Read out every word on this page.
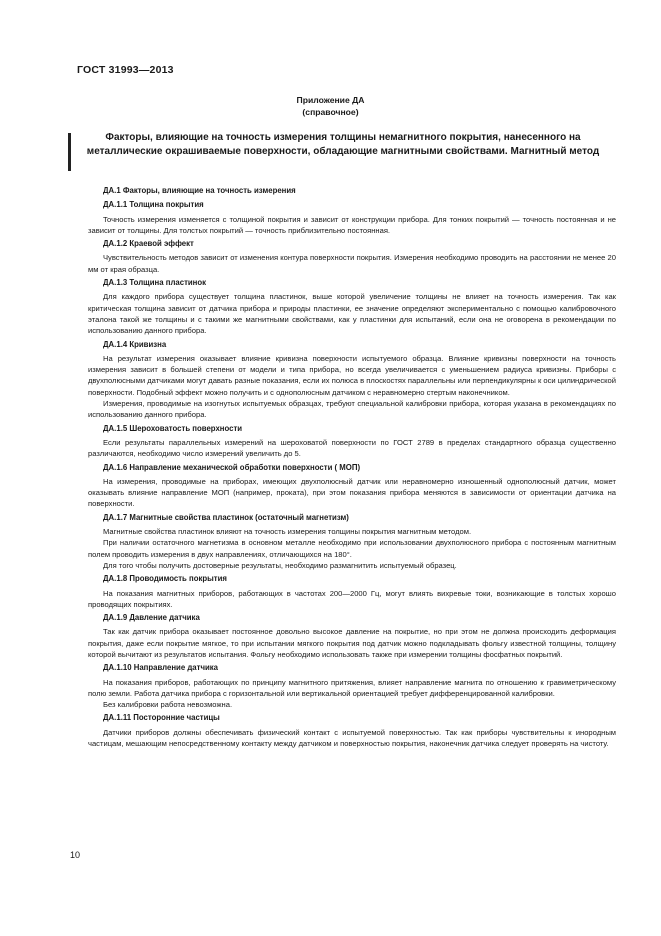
ГОСТ 31993—2013
Приложение ДА
(справочное)
Факторы, влияющие на точность измерения толщины немагнитного покрытия, нанесенного на металлические окрашиваемые поверхности, обладающие магнитными свойствами. Магнитный метод
ДА.1 Факторы, влияющие на точность измерения
ДА.1.1 Толщина покрытия

Точность измерения изменяется с толщиной покрытия и зависит от конструкции прибора. Для тонких покрытий — точность постоянная и не зависит от толщины. Для толстых покрытий — точность приблизительно постоянная.

ДА.1.2 Краевой эффект

Чувствительность методов зависит от изменения контура поверхности покрытия. Измерения необходимо проводить на расстоянии не менее 20 мм от края образца.

ДА.1.3 Толщина пластинок

Для каждого прибора существует толщина пластинок, выше которой увеличение толщины не влияет на точность измерения. Так как критическая толщина зависит от датчика прибора и природы пластинки, ее значение определяют экспериментально с помощью калибровочного эталона такой же толщины и с такими же магнитными свойствами, как у пластинки для испытаний, если она не оговорена в рекомендации по использованию данного прибора.

ДА.1.4 Кривизна

На результат измерения оказывает влияние кривизна поверхности испытуемого образца. Влияние кривизны поверхности на точность измерения зависит в большей степени от модели и типа прибора, но всегда увеличивается с уменьшением радиуса кривизны. Приборы с двухполюсными датчиками могут давать разные показания, если их полюса в плоскостях параллельны или перпендикулярны к оси цилиндрической поверхности. Подобный эффект можно получить и с однополюсным датчиком с неравномерно стертым наконечником.

Измерения, проводимые на изогнутых испытуемых образцах, требуют специальной калибровки прибора, которая указана в рекомендациях по использованию данного прибора.

ДА.1.5 Шероховатость поверхности

Если результаты параллельных измерений на шероховатой поверхности по ГОСТ 2789 в пределах стандартного образца существенно различаются, необходимо число измерений увеличить до 5.

ДА.1.6 Направление механической обработки поверхности ( МОП)

На измерения, проводимые на приборах, имеющих двухполюсный датчик или неравномерно изношенный однополюсный датчик, может оказывать влияние направление МОП (например, проката), при этом показания прибора меняются в зависимости от ориентации датчика на поверхности.

ДА.1.7 Магнитные свойства пластинок (остаточный магнетизм)

Магнитные свойства пластинок влияют на точность измерения толщины покрытия магнитным методом.

При наличии остаточного магнетизма в основном металле необходимо при использовании двухполюсного прибора с постоянным магнитным полем проводить измерения в двух направлениях, отличающихся на 180°.

Для того чтобы получить достоверные результаты, необходимо размагнитить испытуемый образец.

ДА.1.8 Проводимость покрытия

На показания магнитных приборов, работающих в частотах 200—2000 Гц, могут влиять вихревые токи, возникающие в толстых хорошо проводящих покрытиях.

ДА.1.9 Давление датчика

Так как датчик прибора оказывает постоянное довольно высокое давление на покрытие, но при этом не должна происходить деформация покрытия, даже если покрытие мягкое, то при испытании мягкого покрытия под датчик можно подкладывать фольгу известной толщины, толщину которой вычитают из результатов испытания. Фольгу необходимо использовать также при измерении толщины фосфатных покрытий.

ДА.1.10 Направление датчика

На показания приборов, работающих по принципу магнитного притяжения, влияет направление магнита по отношению к гравиметрическому полю земли. Работа датчика прибора с горизонтальной или вертикальной ориентацией требует дифференцированной калибровки.

Без калибровки работа невозможна.

ДА.1.11 Посторонние частицы

Датчики приборов должны обеспечивать физический контакт с испытуемой поверхностью. Так как приборы чувствительны к инородным частицам, мешающим непосредственному контакту между датчиком и поверхностью покрытия, наконечник датчика следует проверять на чистоту.

10
